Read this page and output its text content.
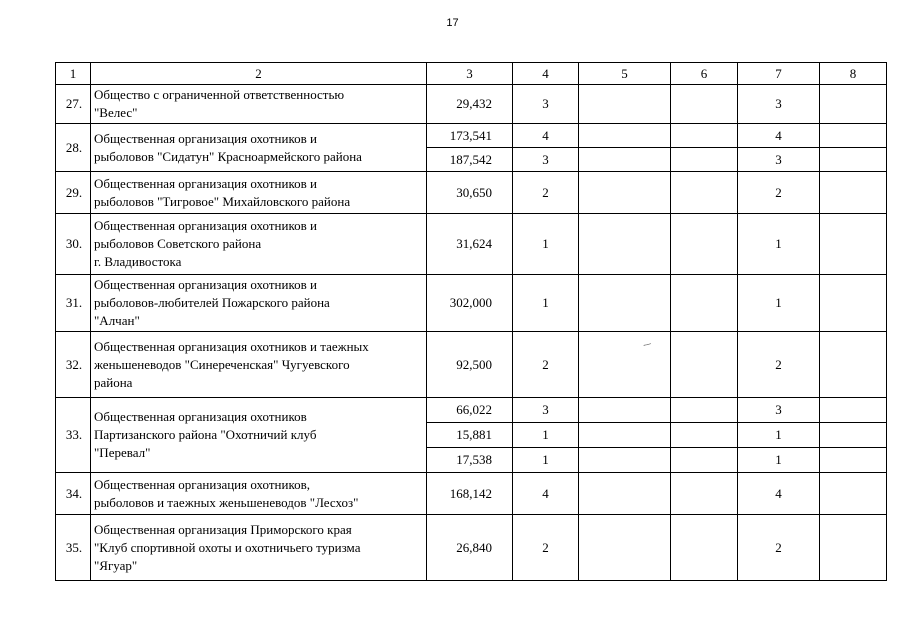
17
1	2	3	4	5	6	7	8
27.	Общество с ограниченной ответственностью
"Велес"	29,432	3			3	
28.	Общественная организация охотников и
рыболовов "Сидатун" Красноармейского района	173,541	4			4	
		187,542	3			3	
29.	Общественная организация охотников и
рыболовов "Тигровое" Михайловского района	30,650	2			2	
30.	Общественная организация охотников и
рыболовов Советского района
г. Владивостока	31,624	1			1	
31.	Общественная организация охотников и
рыболовов-любителей Пожарского района
"Алчан"	302,000	1			1	
32.	Общественная организация охотников и таежных
женьшеневодов "Синереченская" Чугуевского
района	92,500	2			2	
33.	Общественная организация охотников
Партизанского района "Охотничий клуб
"Перевал"	66,022	3			3	
		15,881	1			1	
		17,538	1			1	
34.	Общественная организация охотников,
рыболовов и таежных женьшеневодов "Лесхоз"	168,142	4			4	
35.	Общественная организация Приморского края
"Клуб спортивной охоты и охотничьего туризма
"Ягуар"	26,840	2			2	
‐–
